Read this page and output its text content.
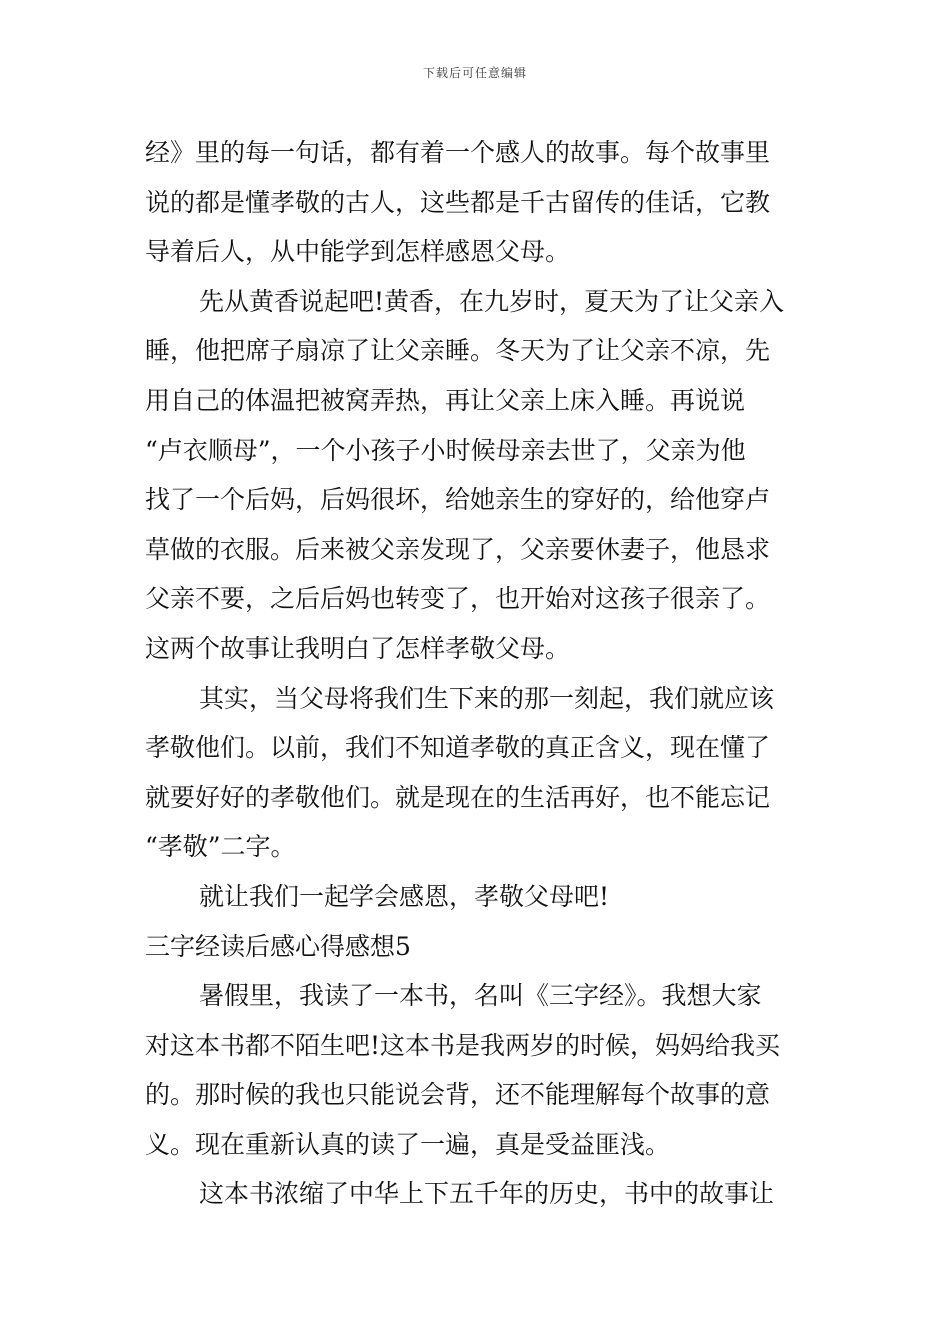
下载后可任意编辑
经》里的每一句话，都有着一个感人的故事。每个故事里
说的都是懂孝敬的古人，这些都是千古留传的佳话，它教
导着后人，从中能学到怎样感恩父母。
先从黄香说起吧!黄香，在九岁时，夏天为了让父亲入
睡，他把席子扇凉了让父亲睡。冬天为了让父亲不凉，先
用自己的体温把被窝弄热，再让父亲上床入睡。再说说
“卢衣顺母”，一个小孩子小时候母亲去世了，父亲为他
找了一个后妈，后妈很坏，给她亲生的穿好的，给他穿卢
草做的衣服。后来被父亲发现了，父亲要休妻子，他恳求
父亲不要，之后后妈也转变了，也开始对这孩子很亲了。
这两个故事让我明白了怎样孝敬父母。
其实，当父母将我们生下来的那一刻起，我们就应该
孝敬他们。以前，我们不知道孝敬的真正含义，现在懂了
就要好好的孝敬他们。就是现在的生活再好，也不能忘记
“孝敬”二字。
就让我们一起学会感恩，孝敬父母吧!
三字经读后感心得感想5
暑假里，我读了一本书，名叫《三字经》。我想大家
对这本书都不陌生吧!这本书是我两岁的时候，妈妈给我买
的。那时候的我也只能说会背，还不能理解每个故事的意
义。现在重新认真的读了一遍，真是受益匪浅。
这本书浓缩了中华上下五千年的历史，书中的故事让
